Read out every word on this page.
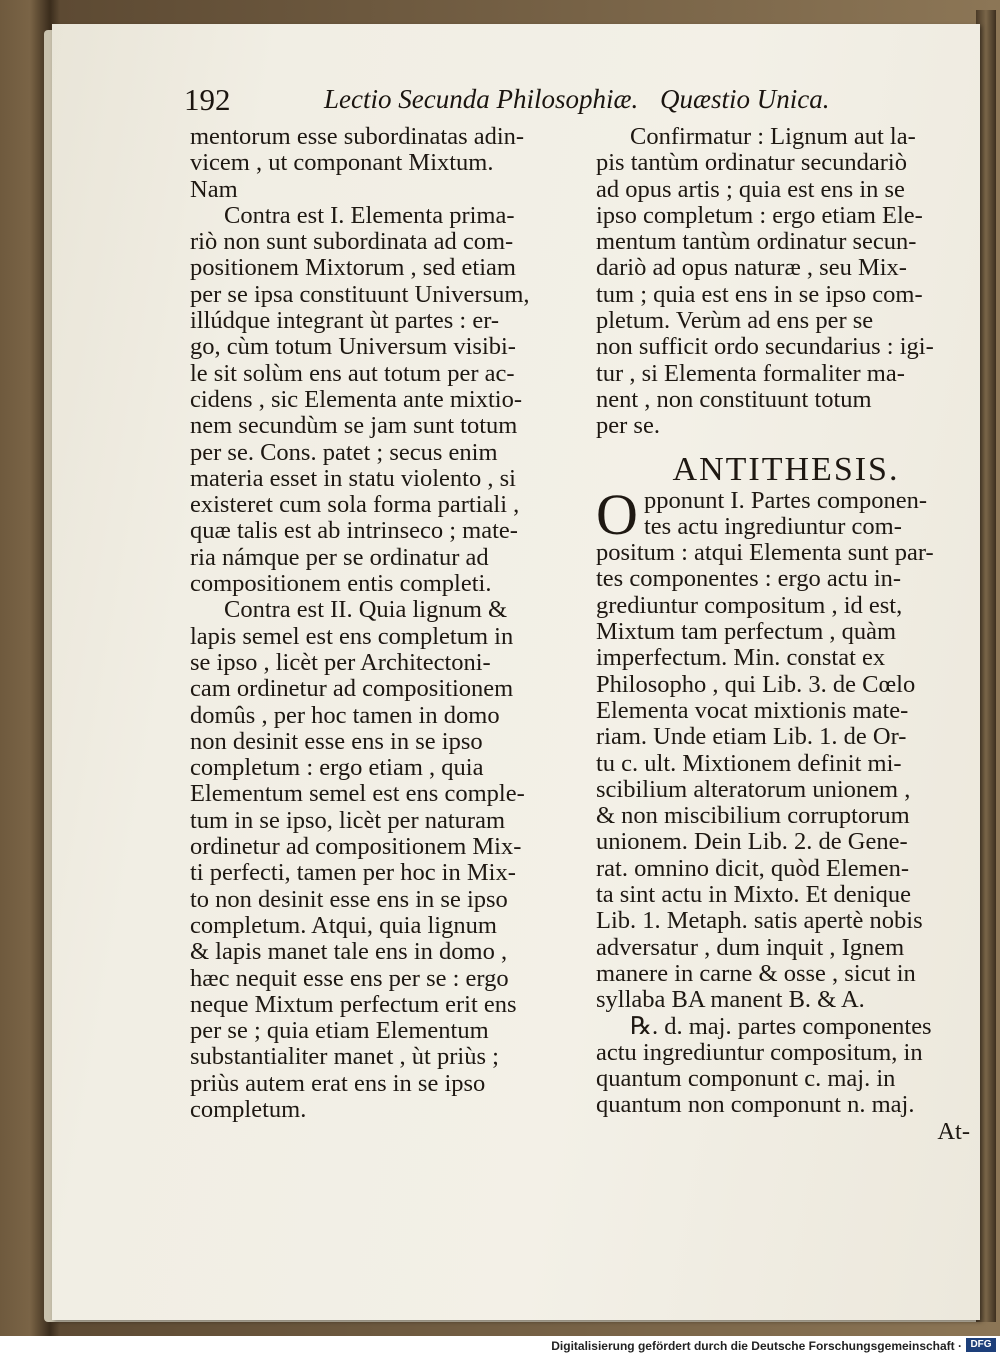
192	Lectio Secunda Philosophiæ. Quæstio Unica.
mentorum esse subordinatas adin-
vicem , ut componant Mixtum.
Nam
Contra est I. Elementa prima-
riò non sunt subordinata ad com-
positionem Mixtorum , sed etiam
per se ipsa constituunt Universum,
illúdque integrant ùt partes : er-
go, cùm totum Universum visibi-
le sit solùm ens aut totum per ac-
cidens , sic Elementa ante mixtio-
nem secundùm se jam sunt totum
per se. Cons. patet ; secus enim
materia esset in statu violento , si
existeret cum sola forma partiali ,
quæ talis est ab intrinseco ; mate-
ria námque per se ordinatur ad
compositionem entis completi.
Contra est II. Quia lignum &
lapis semel est ens completum in
se ipso , licèt per Architectoni-
cam ordinetur ad compositionem
domûs , per hoc tamen in domo
non desinit esse ens in se ipso
completum : ergo etiam , quia
Elementum semel est ens comple-
tum in se ipso, licèt per naturam
ordinetur ad compositionem Mix-
ti perfecti, tamen per hoc in Mix-
to non desinit esse ens in se ipso
completum. Atqui, quia lignum
& lapis manet tale ens in domo ,
hæc nequit esse ens per se : ergo
neque Mixtum perfectum erit ens
per se ; quia etiam Elementum
substantialiter manet , ùt priùs ;
priùs autem erat ens in se ipso
completum.
Confirmatur : Lignum aut la-
pis tantùm ordinatur secundariò
ad opus artis ; quia est ens in se
ipso completum : ergo etiam Ele-
mentum tantùm ordinatur secun-
dariò ad opus naturæ , seu Mix-
tum ; quia est ens in se ipso com-
pletum. Verùm ad ens per se
non sufficit ordo secundarius : igi-
tur , si Elementa formaliter ma-
nent , non constituunt totum
per se.
ANTITHESIS.
O pponunt I. Partes componen-
tes actu ingrediuntur com-
positum : atqui Elementa sunt par-
tes componentes : ergo actu in-
grediuntur compositum , id est,
Mixtum tam perfectum , quàm
imperfectum. Min. constat ex
Philosopho , qui Lib. 3. de Cœlo
Elementa vocat mixtionis mate-
riam. Unde etiam Lib. 1. de Or-
tu c. ult. Mixtionem definit mi-
scibilium alteratorum unionem ,
& non miscibilium corruptorum
unionem. Dein Lib. 2. de Gene-
rat. omnino dicit, quòd Elemen-
ta sint actu in Mixto. Et denique
Lib. 1. Metaph. satis apertè nobis
adversatur , dum inquit , Ignem
manere in carne & osse , sicut in
syllaba BA manent B. & A.
℞. d. maj. partes componentes
actu ingrediuntur compositum, in
quantum componunt c. maj. in
quantum non componunt n. maj.
At-
Digitalisierung gefördert durch die Deutsche Forschungsgemeinschaft · DFG
